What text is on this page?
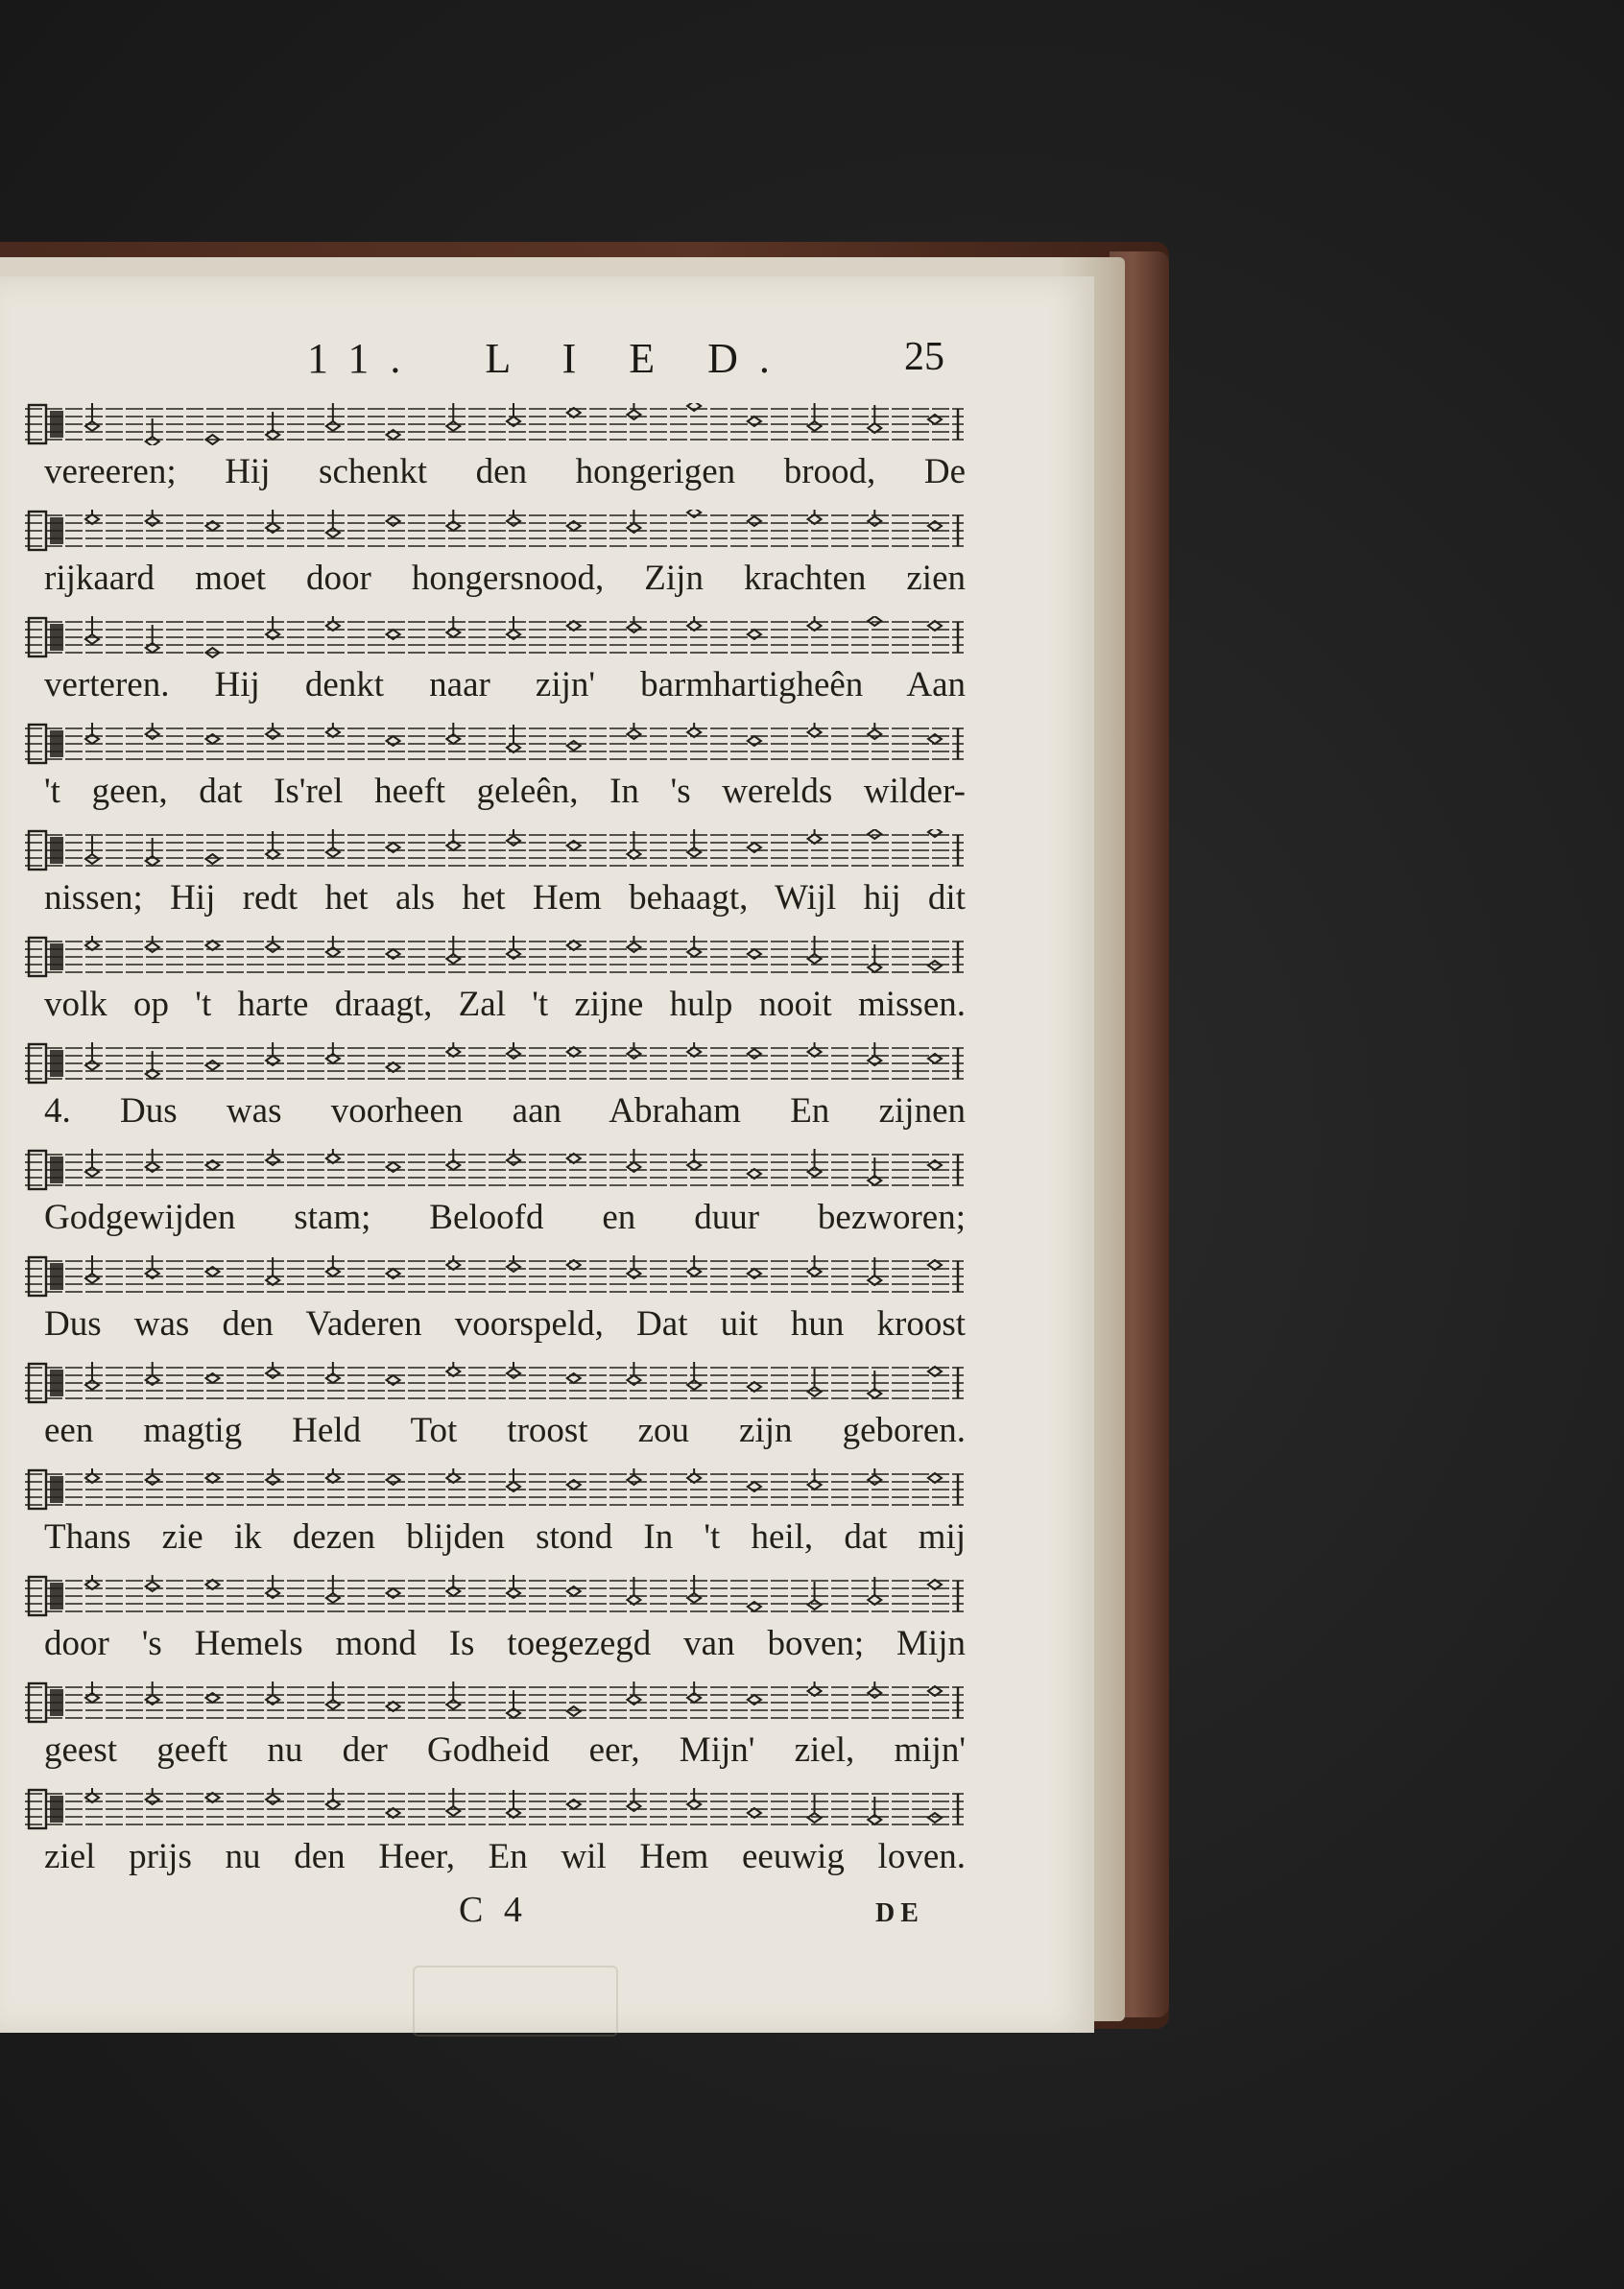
11. L I E D.	25
vereeren; Hij schenkt den hongerigen brood, De
rijkaard moet door hongersnood, Zijn krachten zien
verteren. Hij denkt naar zijn' barmhartigheên Aan
't geen, dat Is'rel heeft geleên, In 's werelds wilder-
nissen; Hij redt het als het Hem behaagt, Wijl hij dit
volk op 't harte draagt, Zal 't zijne hulp nooit missen.
4. Dus was voorheen aan Abraham En zijnen
Godgewijden stam; Beloofd en duur bezworen;
Dus was den Vaderen voorspeld, Dat uit hun kroost
een magtig Held Tot troost zou zijn geboren.
Thans zie ik dezen blijden stond In 't heil, dat mij
door 's Hemels mond Is toegezegd van boven; Mijn
geest geeft nu der Godheid eer, Mijn' ziel, mijn'
ziel prijs nu den Heer, En wil Hem eeuwig loven.
C 4	DE
